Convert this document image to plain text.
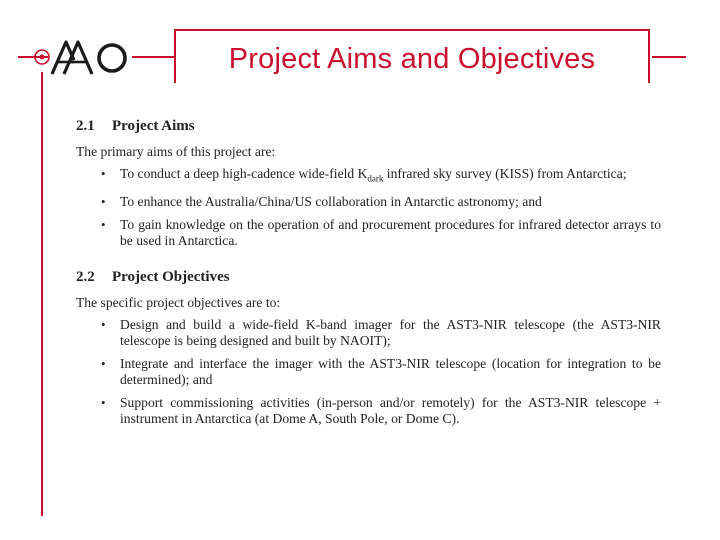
Project Aims and Objectives
2.1	Project Aims

The primary aims of this project are:

• To conduct a deep high-cadence wide-field $K_{dark}$ infrared sky survey (KISS) from Antarctica;
• To enhance the Australia/China/US collaboration in Antarctic astronomy; and
• To gain knowledge on the operation of and procurement procedures for infrared detector arrays to be used in Antarctica.
2.2	Project Objectives

The specific project objectives are to:

• Design and build a wide-field K-band imager for the AST3-NIR telescope (the AST3-NIR telescope is being designed and built by NAOIT);
• Integrate and interface the imager with the AST3-NIR telescope (location for integration to be determined); and
• Support commissioning activities (in-person and/or remotely) for the AST3-NIR telescope + instrument in Antarctica (at Dome A, South Pole, or Dome C).
